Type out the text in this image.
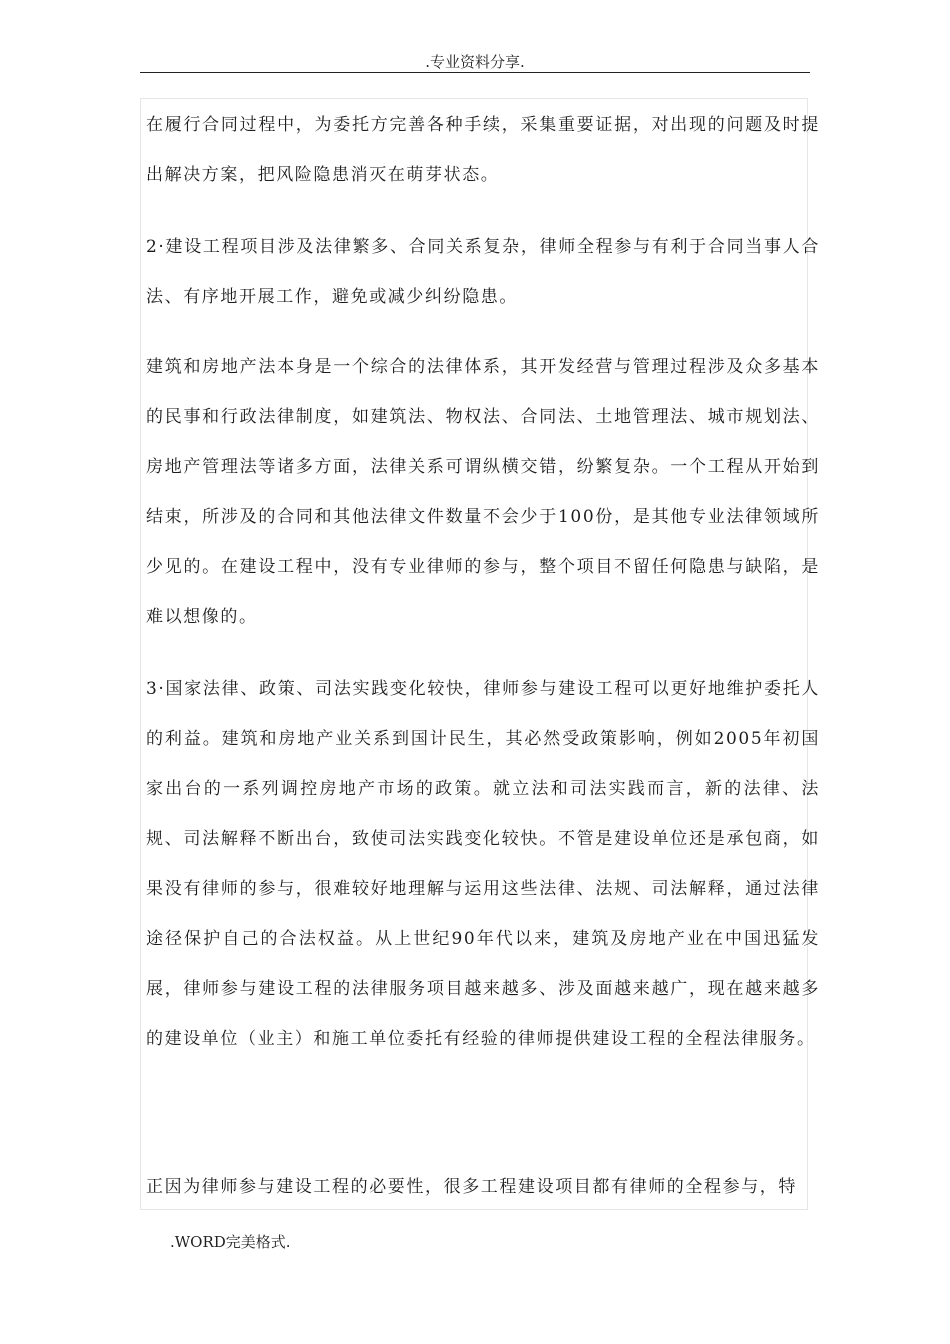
.专业资料分享.
在履行合同过程中，为委托方完善各种手续，采集重要证据，对出现的问题及时提出解决方案，把风险隐患消灭在萌芽状态。
2·建设工程项目涉及法律繁多、合同关系复杂，律师全程参与有利于合同当事人合法、有序地开展工作，避免或减少纠纷隐患。
建筑和房地产法本身是一个综合的法律体系，其开发经营与管理过程涉及众多基本的民事和行政法律制度，如建筑法、物权法、合同法、土地管理法、城市规划法、房地产管理法等诸多方面，法律关系可谓纵横交错，纷繁复杂。一个工程从开始到结束，所涉及的合同和其他法律文件数量不会少于100份，是其他专业法律领域所少见的。在建设工程中，没有专业律师的参与，整个项目不留任何隐患与缺陷，是难以想像的。
3·国家法律、政策、司法实践变化较快，律师参与建设工程可以更好地维护委托人的利益。建筑和房地产业关系到国计民生，其必然受政策影响，例如2005年初国家出台的一系列调控房地产市场的政策。就立法和司法实践而言，新的法律、法规、司法解释不断出台，致使司法实践变化较快。不管是建设单位还是承包商，如果没有律师的参与，很难较好地理解与运用这些法律、法规、司法解释，通过法律途径保护自己的合法权益。从上世纪90年代以来，建筑及房地产业在中国迅猛发展，律师参与建设工程的法律服务项目越来越多、涉及面越来越广，现在越来越多的建设单位（业主）和施工单位委托有经验的律师提供建设工程的全程法律服务。
正因为律师参与建设工程的必要性，很多工程建设项目都有律师的全程参与，特
.WORD完美格式.
